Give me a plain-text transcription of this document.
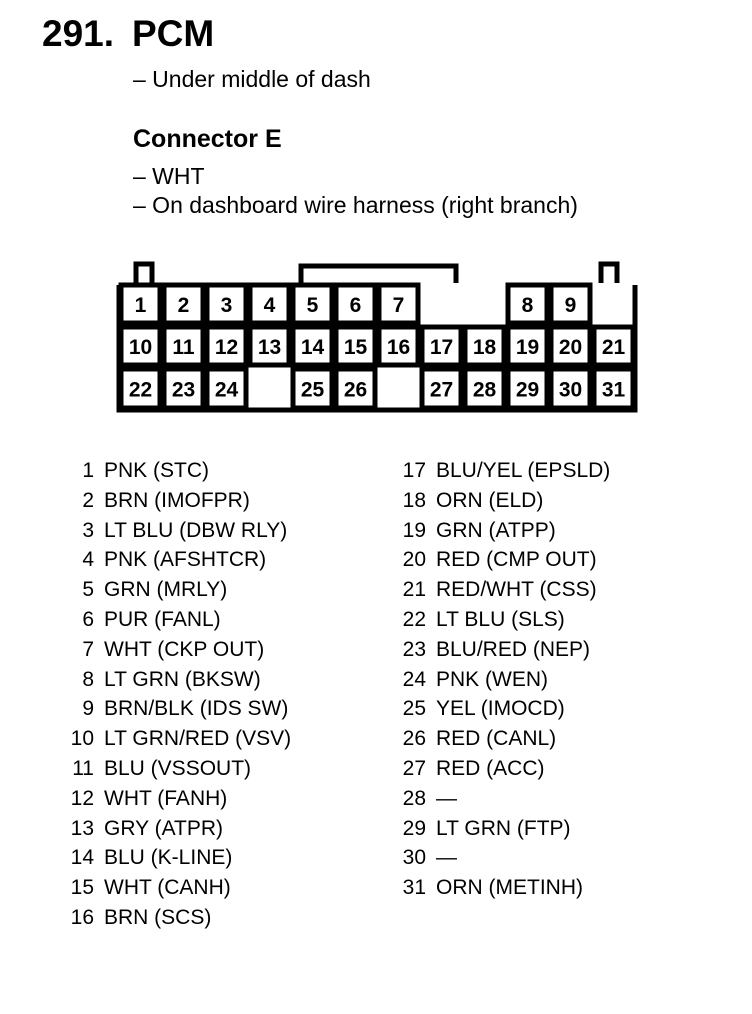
291. PCM
– Under middle of dash
Connector E
– WHT
– On dashboard wire harness (right branch)
1 2 3 4 5 6 7	8 9
10 11 12 13 14 15 16 17 18 19 20 21
22 23 24	25 26	27 28 29 30 31
1 PNK (STC)
2 BRN (IMOFPR)
3 LT BLU (DBW RLY)
4 PNK (AFSHTCR)
5 GRN (MRLY)
6 PUR (FANL)
7 WHT (CKP OUT)
8 LT GRN (BKSW)
9 BRN/BLK (IDS SW)
10 LT GRN/RED (VSV)
11 BLU (VSSOUT)
12 WHT (FANH)
13 GRY (ATPR)
14 BLU (K-LINE)
15 WHT (CANH)
16 BRN (SCS)
17 BLU/YEL (EPSLD)
18 ORN (ELD)
19 GRN (ATPP)
20 RED (CMP OUT)
21 RED/WHT (CSS)
22 LT BLU (SLS)
23 BLU/RED (NEP)
24 PNK (WEN)
25 YEL (IMOCD)
26 RED (CANL)
27 RED (ACC)
28 —
29 LT GRN (FTP)
30 —
31 ORN (METINH)
